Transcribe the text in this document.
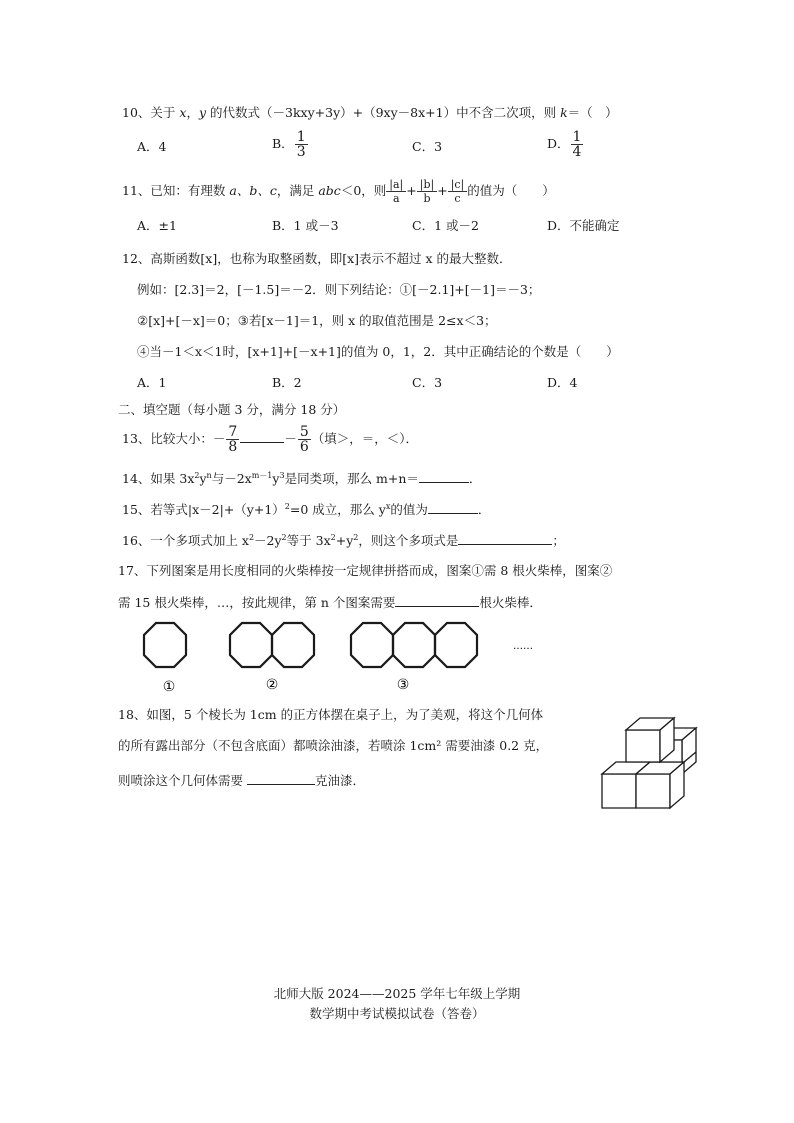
10、关于 x，y 的代数式（－3kxy+3y）+（9xy－8x+1）中不含二次项，则 k＝（　）
A．4	B． $\frac{1}{3}$	C．3	D． $\frac{1}{4}$
11、已知：有理数 a、b、c，满足 abc＜0，则 $\frac{|a|}{a}+ \frac{|b|}{b}+ \frac{|c|}{c}$的值为（　　）
A．±1	B．1 或－3	C．1 或－2	D．不能确定
12、高斯函数[x]，也称为取整函数，即[x]表示不超过 x 的最大整数．
例如：[2.3]＝2，[－1.5]＝－2．则下列结论：①[－2.1]+[－1]＝－3；
②[x]+[－x]＝0；③若[x－1]＝1，则 x 的取值范围是 2≤x＜3；
④当－1＜x＜1时，[x+1]+[－x+1]的值为 0，1，2．其中正确结论的个数是（　　）
A．1	B．2	C．3	D．4
二、填空题（每小题 3 分，满分 18 分）
13、比较大小：－ $\frac{7}{8}$	－ $\frac{5}{6}$ （填＞，＝，＜）．
14、如果 $3x^2y^n$与$-2x^{m-1}y^3$是同类项，那么 m+n＝	．
15、若等式$|x-2|+(y+1)^2=0$ 成立，那么 $y^x$的值为	．
16、一个多项式加上 $x^2-2y^2$等于 $3x^2+y^2$，则这个多项式是	；
17、下列图案是用长度相同的火柴棒按一定规律拼搭而成，图案①需 8 根火柴棒，图案②
需 15 根火柴棒，…，按此规律，第 n 个图案需要	根火柴棒．
①	②	③
……
18、如图，5 个棱长为 1cm 的正方体摆在桌子上，为了美观，将这个几何体
的所有露出部分（不包含底面）都喷涂油漆，若喷涂 1cm² 需要油漆 0.2 克，
则喷涂这个几何体需要	克油漆．
北师大版 2024——2025 学年七年级上学期
数学期中考试模拟试卷（答卷）
